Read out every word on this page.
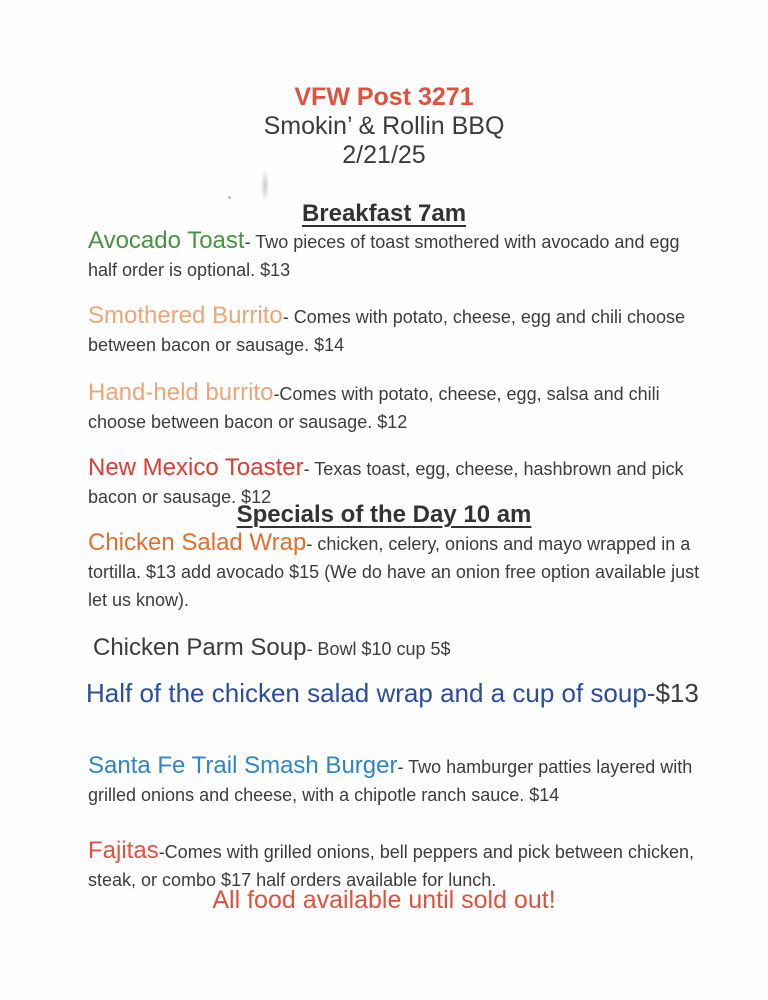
VFW Post 3271

Smokin’ & Rollin BBQ

2/21/25

Breakfast 7am

Avocado Toast- Two pieces of toast smothered with avocado and egg half order is optional. $13

Smothered Burrito- Comes with potato, cheese, egg and chili choose between bacon or sausage. $14

Hand-held burrito-Comes with potato, cheese, egg, salsa and chili choose between bacon or sausage. $12

New Mexico Toaster- Texas toast, egg, cheese, hashbrown and pick bacon or sausage. $12

Specials of the Day 10 am

Chicken Salad Wrap- chicken, celery, onions and mayo wrapped in a tortilla. $13 add avocado $15 (We do have an onion free option available just let us know).

Chicken Parm Soup- Bowl $10 cup 5$

Half of the chicken salad wrap and a cup of soup-$13

Santa Fe Trail Smash Burger- Two hamburger patties layered with grilled onions and cheese, with a chipotle ranch sauce. $14

Fajitas-Comes with grilled onions, bell peppers and pick between chicken, steak, or combo $17 half orders available for lunch.

All food available until sold out!
